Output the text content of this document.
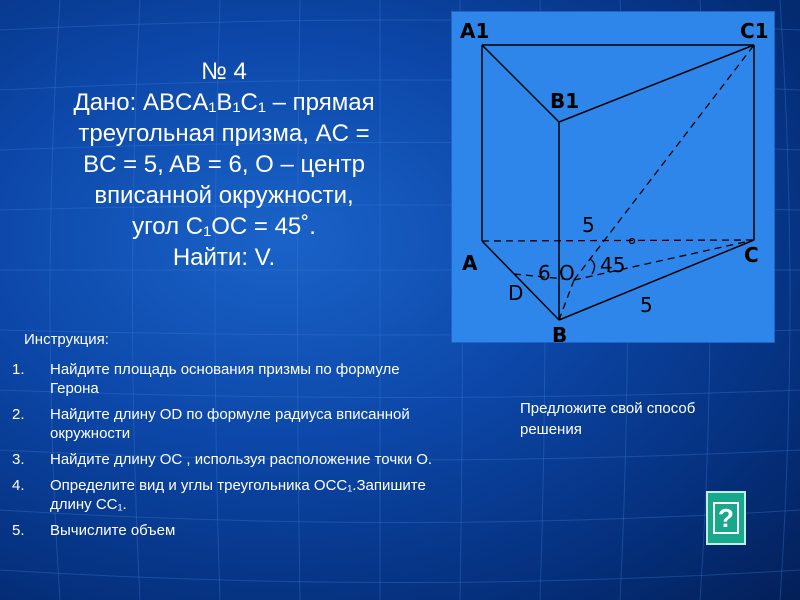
№ 4
Дано: ABCA₁B₁C₁ – прямая
треугольная призма, AC =
BC = 5, AB = 6, O – центр
вписанной окружности,
угол C₁OC = 45˚.
Найти: V.
Инструкция:
1. Найдите площадь основания призмы по формуле Герона
2. Найдите длину OD по формуле радиуса вписанной окружности
3. Найдите длину OC , используя расположение точки O.
4. Определите вид и углы треугольника OCC₁.Запишите длину CC₁.
5. Вычислите объем
A1	C1
B1
A	C
B
D
O
5
6
5
45
Предложите свой способ решения
?
